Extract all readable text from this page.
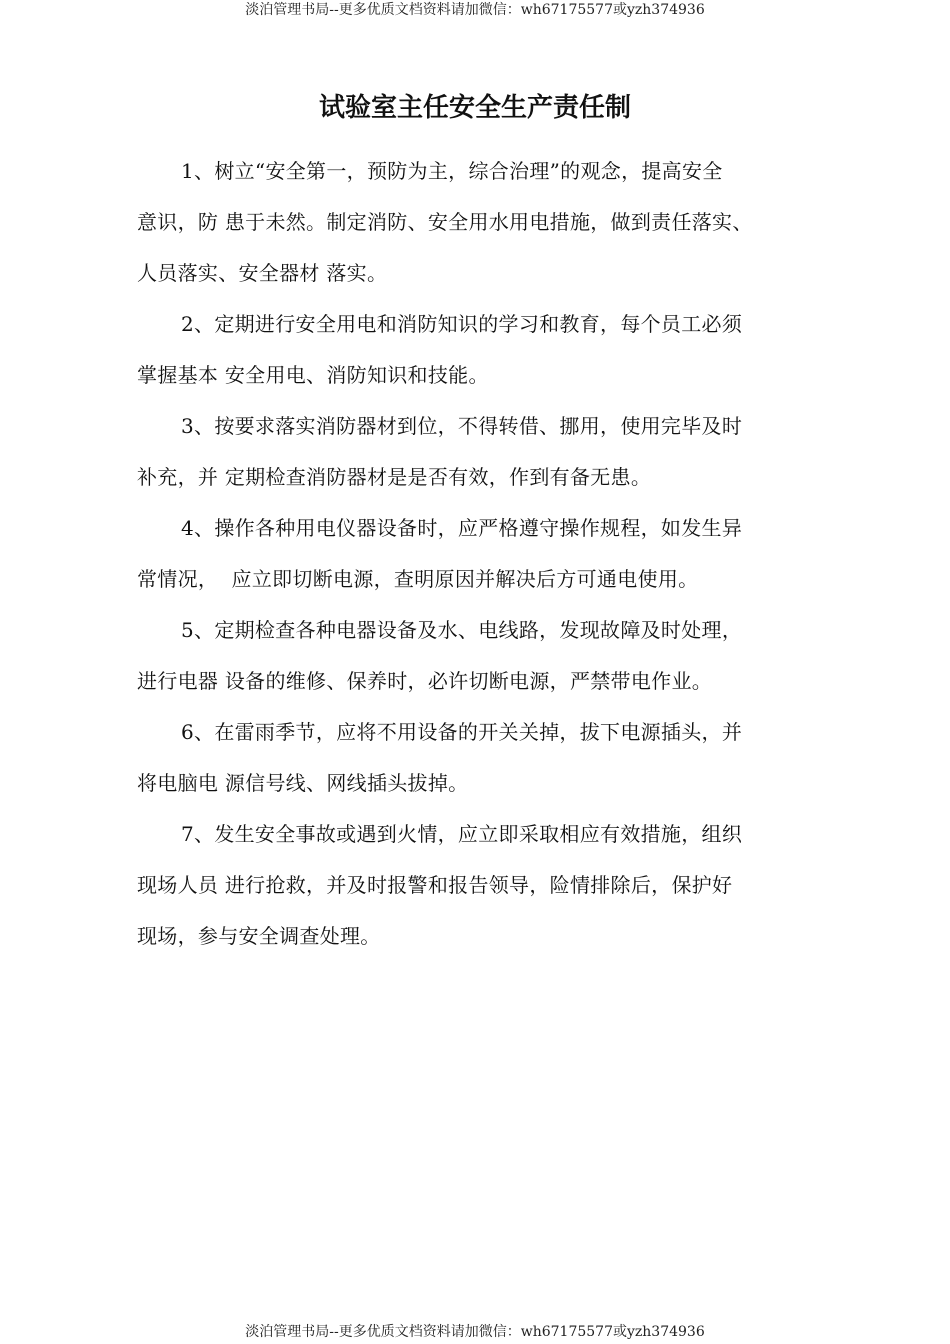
淡泊管理书局--更多优质文档资料请加微信：wh67175577或yzh374936
试验室主任安全生产责任制

1、树立“安全第一，预防为主，综合治理”的观念，提高安全
意识，防 患于未然。制定消防、安全用水用电措施，做到责任落实、
人员落实、安全器材 落实。

2、定期进行安全用电和消防知识的学习和教育，每个员工必须
掌握基本 安全用电、消防知识和技能。

3、按要求落实消防器材到位，不得转借、挪用，使用完毕及时
补充，并 定期检查消防器材是是否有效，作到有备无患。

4、操作各种用电仪器设备时，应严格遵守操作规程，如发生异
常情况，  应立即切断电源，查明原因并解决后方可通电使用。

5、定期检查各种电器设备及水、电线路，发现故障及时处理，
进行电器 设备的维修、保养时，必许切断电源，严禁带电作业。

6、在雷雨季节，应将不用设备的开关关掉，拔下电源插头，并
将电脑电 源信号线、网线插头拔掉。

7、发生安全事故或遇到火情，应立即采取相应有效措施，组织
现场人员 进行抢救，并及时报警和报告领导，险情排除后，保护好
现场，参与安全调查处理。

淡泊管理书局--更多优质文档资料请加微信：wh67175577或yzh374936
